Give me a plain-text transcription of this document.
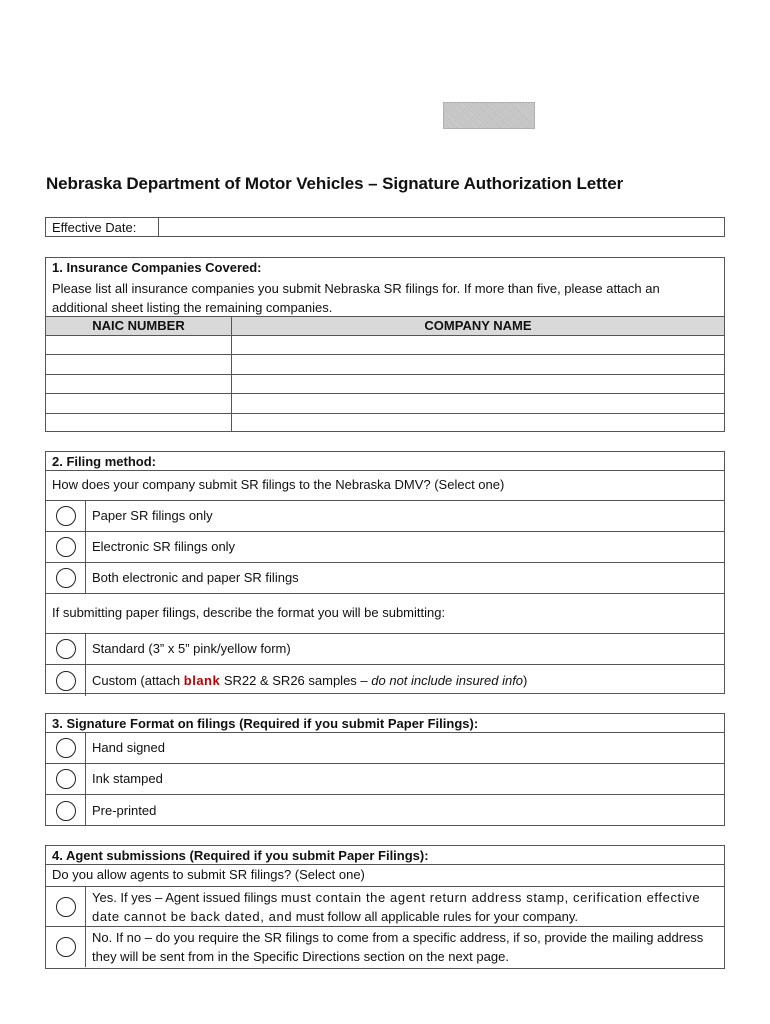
Nebraska Department of Motor Vehicles – Signature Authorization Letter
Effective Date:
1. Insurance Companies Covered:
Please list all insurance companies you submit Nebraska SR filings for. If more than five, please attach an additional sheet listing the remaining companies.
NAIC NUMBER	COMPANY NAME
2. Filing method:
How does your company submit SR filings to the Nebraska DMV? (Select one)
Paper SR filings only
Electronic SR filings only
Both electronic and paper SR filings
If submitting paper filings, describe the format you will be submitting:
Standard (3” x 5” pink/yellow form)
Custom (attach blank SR22 & SR26 samples – do not include insured info)
3. Signature Format on filings (Required if you submit Paper Filings):
Hand signed
Ink stamped
Pre-printed
4. Agent submissions (Required if you submit Paper Filings):
Do you allow agents to submit SR filings? (Select one)
Yes. If yes – Agent issued filings must contain the agent return address stamp, cerification effective date cannot be back dated, and must follow all applicable rules for your company.
No. If no – do you require the SR filings to come from a specific address, if so, provide the mailing address they will be sent from in the Specific Directions section on the next page.
